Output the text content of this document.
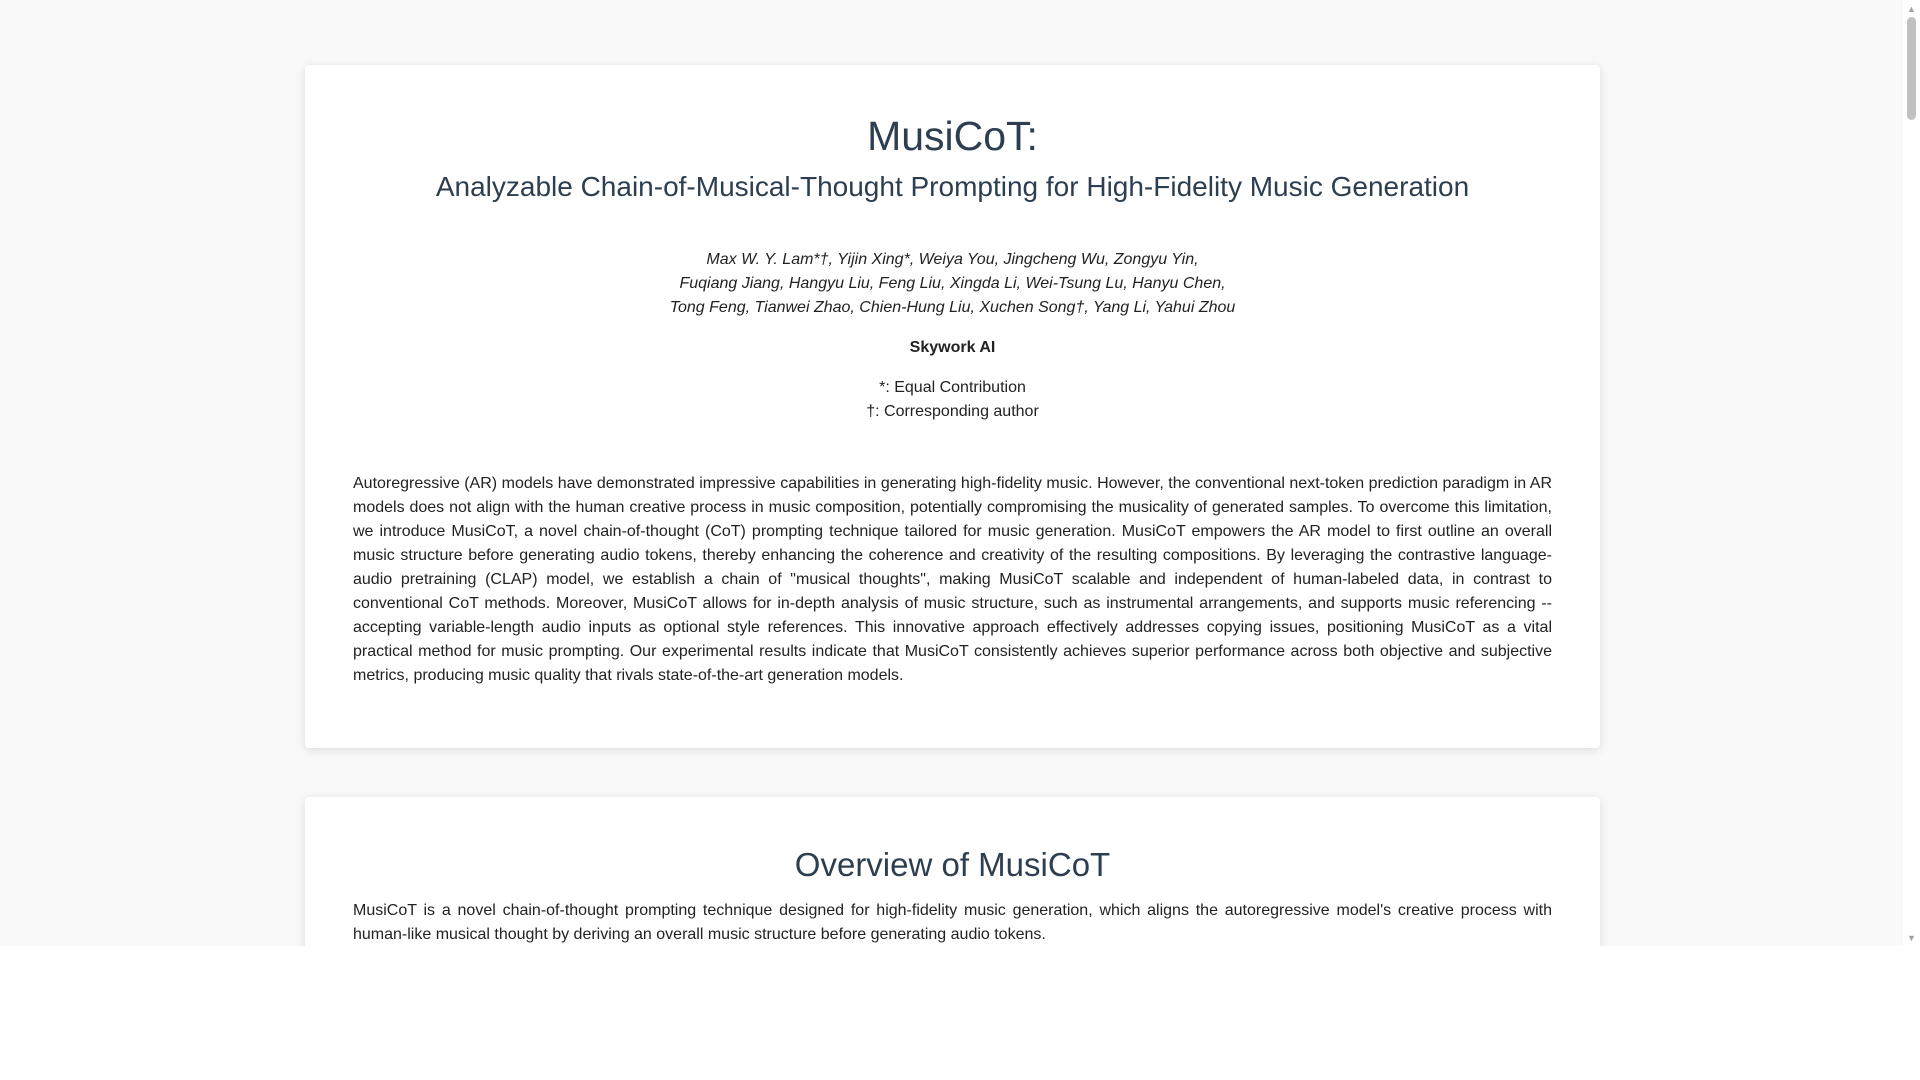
MusiCoT:
Analyzable Chain-of-Musical-Thought Prompting for High-Fidelity Music Generation
Max W. Y. Lam*†, Yijin Xing*, Weiya You, Jingcheng Wu, Zongyu Yin,
Fuqiang Jiang, Hangyu Liu, Feng Liu, Xingda Li, Wei-Tsung Lu, Hanyu Chen,
Tong Feng, Tianwei Zhao, Chien-Hung Liu, Xuchen Song†, Yang Li, Yahui Zhou
Skywork AI
*: Equal Contribution
†: Corresponding author

Autoregressive (AR) models have demonstrated impressive capabilities in generating high-fidelity music. However, the conventional next-token prediction paradigm in AR models does not align with the human creative process in music composition, potentially compromising the musicality of generated samples. To overcome this limitation, we introduce MusiCoT, a novel chain-of-thought (CoT) prompting technique tailored for music generation. MusiCoT empowers the AR model to first outline an overall music structure before generating audio tokens, thereby enhancing the coherence and creativity of the resulting compositions. By leveraging the contrastive language-audio pretraining (CLAP) model, we establish a chain of "musical thoughts", making MusiCoT scalable and independent of human-labeled data, in contrast to conventional CoT methods. Moreover, MusiCoT allows for in-depth analysis of music structure, such as instrumental arrangements, and supports music referencing -- accepting variable-length audio inputs as optional style references. This innovative approach effectively addresses copying issues, positioning MusiCoT as a vital practical method for music prompting. Our experimental results indicate that MusiCoT consistently achieves superior performance across both objective and subjective metrics, producing music quality that rivals state-of-the-art generation models.

Overview of MusiCoT

MusiCoT is a novel chain-of-thought prompting technique designed for high-fidelity music generation, which aligns the autoregressive model's creative process with human-like musical thought by deriving an overall music structure before generating audio tokens.

▲
▼
